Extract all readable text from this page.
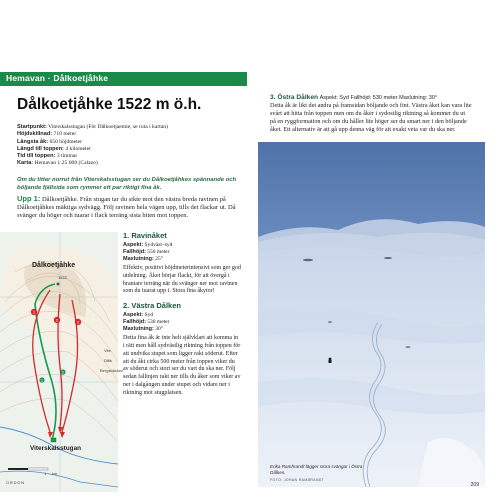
Hemavan · Dålkoetjåhke
Dålkoetjåhke 1522 m ö.h.
Startpunkt: Viterskalsstugan (För Dålkoetjaemie, se ruta i kartan)
Höjdskillnad: 710 meter
Längsta åk: 650 höjdmeter
Längd till toppen: 4 kilometer
Tid till toppen: 3 timmar
Karta: Hemavan 1:25 000 (Calazo)
Om du tittar norrut från Viterskalsstugan ser du Dålkoetjåhkes spännande och böljande fjällsida som rymmer ett par riktigt fina åk.
Upp 1: Dålkoetjåhke. Från stugan tar du sikte mot den västra breda ravinen på Dålkoetjåhkes mäktiga sydvägg. Följ ravinen hela vägen upp, tills det flackar ut. Då svänger du höger och tuarar i flack terräng sista biten mot toppen.
1
2	3
1
2
Dålkoetjåhke
1522
Vite
Dålk
Bergsbäcken
Viterskalsstugan
1 km
ORDON

1. Ravinåket

Aspekt: Sydväst–syd
Fallhöjd: 550 meter
Maxlutning: 25°
Effektiv, positivt höjdmeterintensivt som ger god utdelning. Åket börjar flackt, för att övergå i brantare terräng när du svänger ner mot ravinen som du tuarat upp i. Stora fina åkytor!

2. Västra Dålken

Aspekt: Syd
Fallhöjd: 530 meter
Maxlutning: 30°
Detta fina åk är inte helt självklart att komma in i rätt men håll sydvästlig riktning från toppen för att undvika stupet som ligger rakt söderut. Efter att du åkt cirka 500 meter från toppen viker du av söderut och stort ser du vart du ska ner. Följ sedan fallinjen rakt ner tills du åker som viker av ner i dalgången under stupet och vidare ner i riktning mot stugplatsen.
3. Östra Dålken Aspekt: Syd Fallhöjd: 530 meter Maxlutning: 30°
Detta åk är likt det andra på framsidan böljande och fint. Västra åket kan vara lite svårt att hitta från toppen men om du åker i sydostlig riktning så kommer du ut på en ryggformation och om du håller lite höger ser du smart ner i den böljande åket. Ett alternativ är att gå upp denna väg för att exakt veta var du ska ner.
Erika Ramhrandt lägger stora svängar i Östra Dålken.
FOTO: JOHAN RAMBRANDT
209
